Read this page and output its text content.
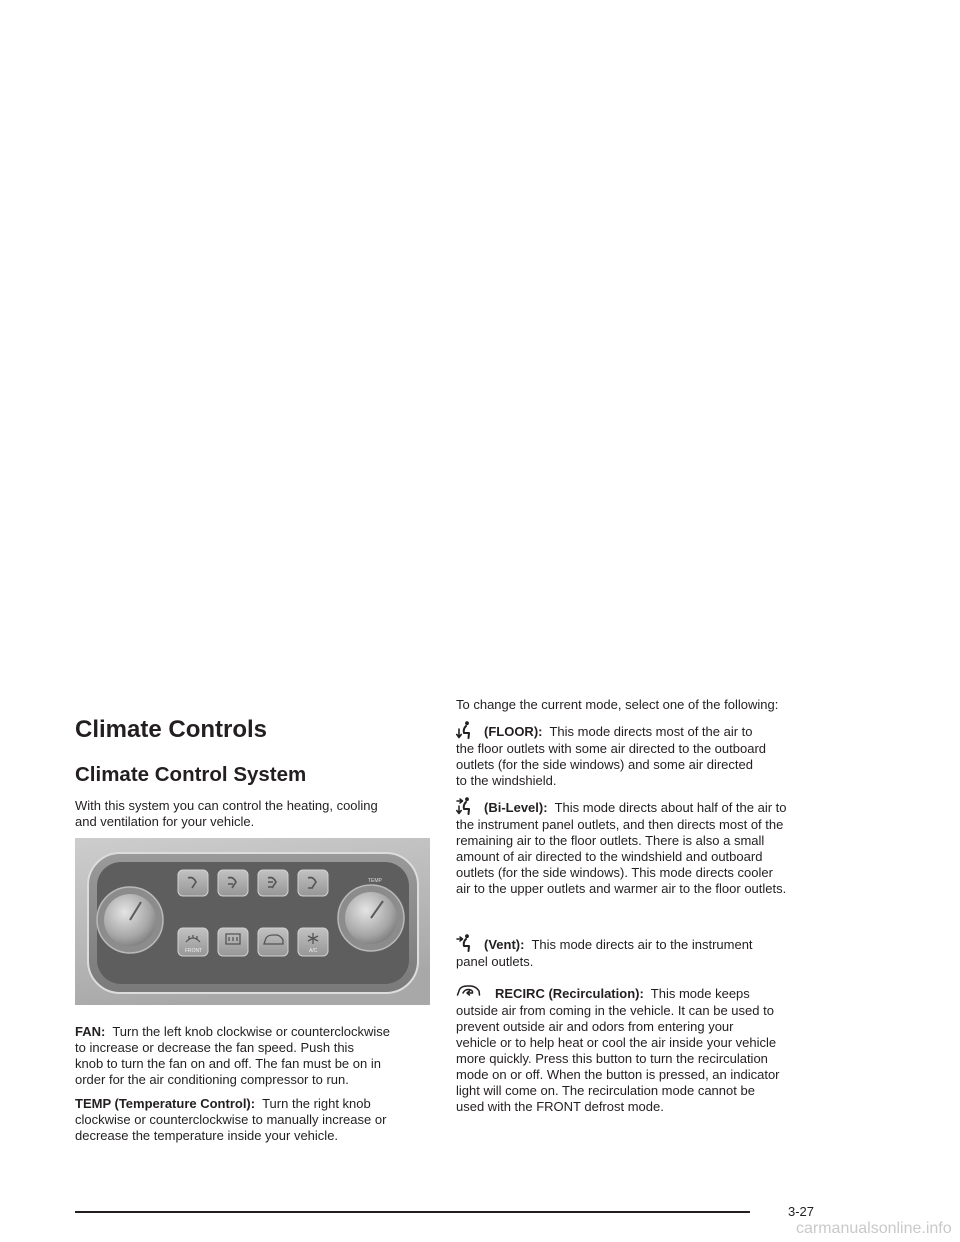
Climate Controls
Climate Control System
With this system you can control the heating, cooling
and ventilation for your vehicle.
TEMP
FRONT	A/C
FAN: Turn the left knob clockwise or counterclockwise
to increase or decrease the fan speed. Push this
knob to turn the fan on and off. The fan must be on in
order for the air conditioning compressor to run.
TEMP (Temperature Control): Turn the right knob
clockwise or counterclockwise to manually increase or
decrease the temperature inside your vehicle.
To change the current mode, select one of the following:
(FLOOR): This mode directs most of the air to
the floor outlets with some air directed to the outboard
outlets (for the side windows) and some air directed
to the windshield.
(Bi-Level): This mode directs about half of the air to
the instrument panel outlets, and then directs most of the
remaining air to the floor outlets. There is also a small
amount of air directed to the windshield and outboard
outlets (for the side windows). This mode directs cooler
air to the upper outlets and warmer air to the floor outlets.
(Vent): This mode directs air to the instrument
panel outlets.
RECIRC (Recirculation): This mode keeps
outside air from coming in the vehicle. It can be used to
prevent outside air and odors from entering your
vehicle or to help heat or cool the air inside your vehicle
more quickly. Press this button to turn the recirculation
mode on or off. When the button is pressed, an indicator
light will come on. The recirculation mode cannot be
used with the FRONT defrost mode.
3-27
carmanualsonline.info
